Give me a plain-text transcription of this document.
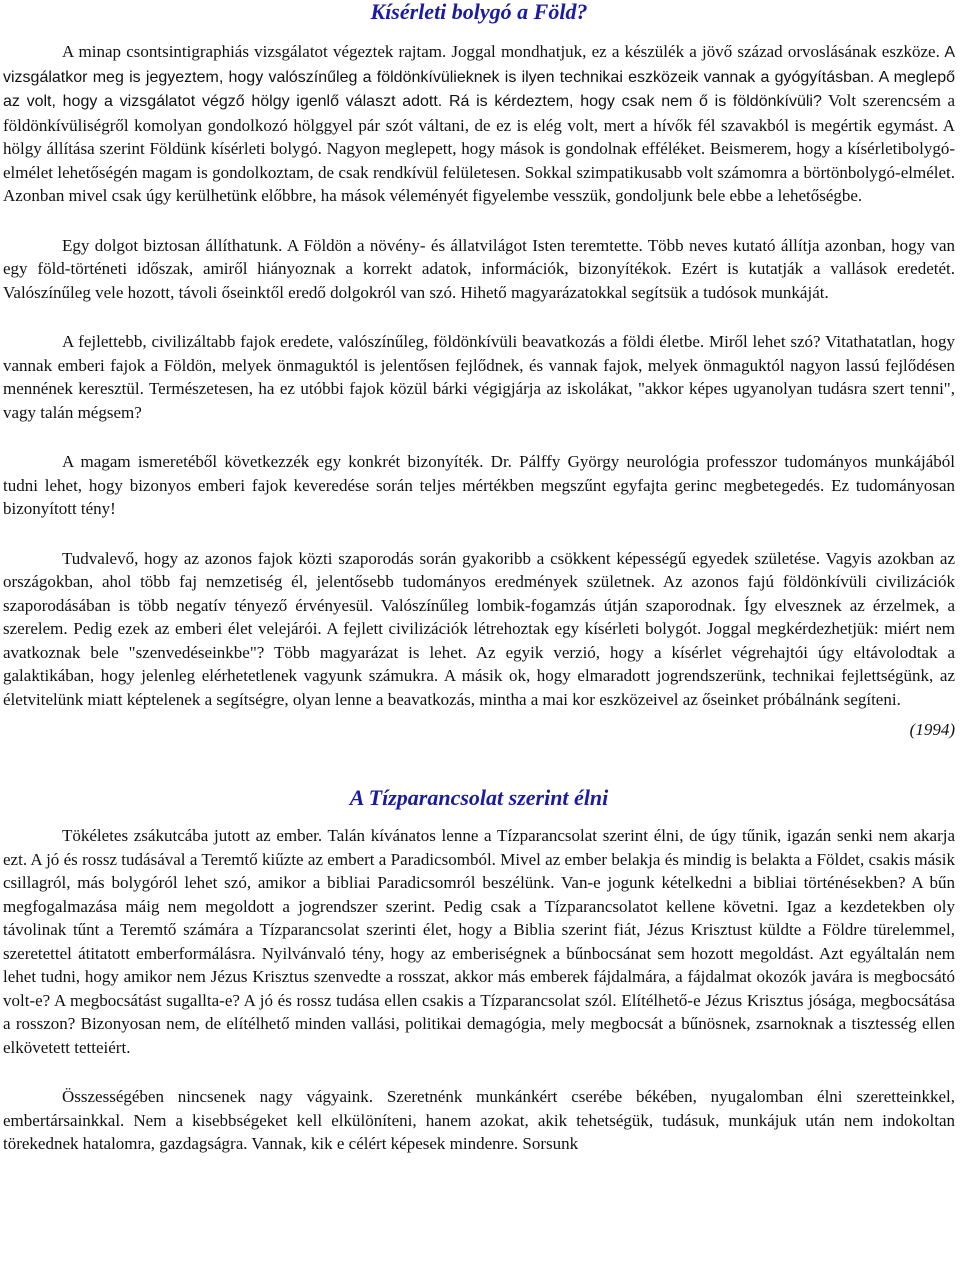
Kísérleti bolygó a Föld?

A minap csontsintigraphiás vizsgálatot végeztek rajtam. Joggal mondhatjuk, ez a készülék a jövő század orvoslásának eszköze. A vizsgálatkor meg is jegyeztem, hogy valószínűleg a földönkívülieknek is ilyen technikai eszközeik vannak a gyógyításban. A meglepő az volt, hogy a vizsgálatot végző hölgy igenlő választ adott. Rá is kérdeztem, hogy csak nem ő is földönkívüli? Volt szerencsém a földönkívüliségről komolyan gondolkozó hölggyel pár szót váltani, de ez is elég volt, mert a hívők fél szavakból is megértik egymást. A hölgy állítása szerint Földünk kísérleti bolygó. Nagyon meglepett, hogy mások is gondolnak efféléket. Beismerem, hogy a kísérletibolygó-elmélet lehetőségén magam is gondolkoztam, de csak rendkívül felületesen. Sokkal szimpatikusabb volt számomra a börtönbolygó-elmélet. Azonban mivel csak úgy kerülhetünk előbbre, ha mások véleményét figyelembe vesszük, gondoljunk bele ebbe a lehetőségbe.

Egy dolgot biztosan állíthatunk. A Földön a növény- és állatvilágot Isten teremtette. Több neves kutató állítja azonban, hogy van egy föld-történeti időszak, amiről hiányoznak a korrekt adatok, információk, bizonyítékok. Ezért is kutatják a vallások eredetét. Valószínűleg vele hozott, távoli őseinktől eredő dolgokról van szó. Hihető magyarázatokkal segítsük a tudósok munkáját.

A fejlettebb, civilizáltabb fajok eredete, valószínűleg, földönkívüli beavatkozás a földi életbe. Miről lehet szó? Vitathatatlan, hogy vannak emberi fajok a Földön, melyek önmaguktól is jelentősen fejlődnek, és vannak fajok, melyek önmaguktól nagyon lassú fejlődésen mennének keresztül. Természetesen, ha ez utóbbi fajok közül bárki végigjárja az iskolákat, "akkor képes ugyanolyan tudásra szert tenni", vagy talán mégsem?

A magam ismeretéből következzék egy konkrét bizonyíték. Dr. Pálffy György neurológia professzor tudományos munkájából tudni lehet, hogy bizonyos emberi fajok keveredése során teljes mértékben megszűnt egyfajta gerinc megbetegedés. Ez tudományosan bizonyított tény!

Tudvalevő, hogy az azonos fajok közti szaporodás során gyakoribb a csökkent képességű egyedek születése. Vagyis azokban az országokban, ahol több faj nemzetiség él, jelentősebb tudományos eredmények születnek. Az azonos fajú földönkívüli civilizációk szaporodásában is több negatív tényező érvényesül. Valószínűleg lombik-fogamzás útján szaporodnak. Így elvesznek az érzelmek, a szerelem. Pedig ezek az emberi élet velejárói. A fejlett civilizációk létrehoztak egy kísérleti bolygót. Joggal megkérdezhetjük: miért nem avatkoznak bele "szenvedéseinkbe"? Több magyarázat is lehet. Az egyik verzió, hogy a kísérlet végrehajtói úgy eltávolodtak a galaktikában, hogy jelenleg elérhetetlenek vagyunk számukra. A másik ok, hogy elmaradott jogrendszerünk, technikai fejlettségünk, az életvitelünk miatt képtelenek a segítségre, olyan lenne a beavatkozás, mintha a mai kor eszközeivel az őseinket próbálnánk segíteni.

(1994)
A Tízparancsolat szerint élni

Tökéletes zsákutcába jutott az ember. Talán kívánatos lenne a Tízparancsolat szerint élni, de úgy tűnik, igazán senki nem akarja ezt. A jó és rossz tudásával a Teremtő kiűzte az embert a Paradicsomból. Mivel az ember belakja és mindig is belakta a Földet, csakis másik csillagról, más bolygóról lehet szó, amikor a bibliai Paradicsomról beszélünk. Van-e jogunk kételkedni a bibliai történésekben? A bűn megfogalmazása máig nem megoldott a jogrendszer szerint. Pedig csak a Tízparancsolatot kellene követni. Igaz a kezdetekben oly távolinak tűnt a Teremtő számára a Tízparancsolat szerinti élet, hogy a Biblia szerint fiát, Jézus Krisztust küldte a Földre türelemmel, szeretettel átitatott emberformálásra. Nyilvánvaló tény, hogy az emberiségnek a bűnbocsánat sem hozott megoldást. Azt egyáltalán nem lehet tudni, hogy amikor nem Jézus Krisztus szenvedte a rosszat, akkor más emberek fájdalmára, a fájdalmat okozók javára is megbocsátó volt-e? A megbocsátást sugallta-e? A jó és rossz tudása ellen csakis a Tízparancsolat szól. Elítélhető-e Jézus Krisztus jósága, megbocsátása a rosszon? Bizonyosan nem, de elítélhető minden vallási, politikai demagógia, mely megbocsát a bűnösnek, zsarnoknak a tisztesség ellen elkövetett tetteiért.

Összességében nincsenek nagy vágyaink. Szeretnénk munkánkért cserébe békében, nyugalomban élni szeretteinkkel, embertársainkkal. Nem a kisebbségeket kell elkülöníteni, hanem azokat, akik tehetségük, tudásuk, munkájuk után nem indokoltan törekednek hatalomra, gazdagságra. Vannak, kik e célért képesek mindenre. Sorsunk
